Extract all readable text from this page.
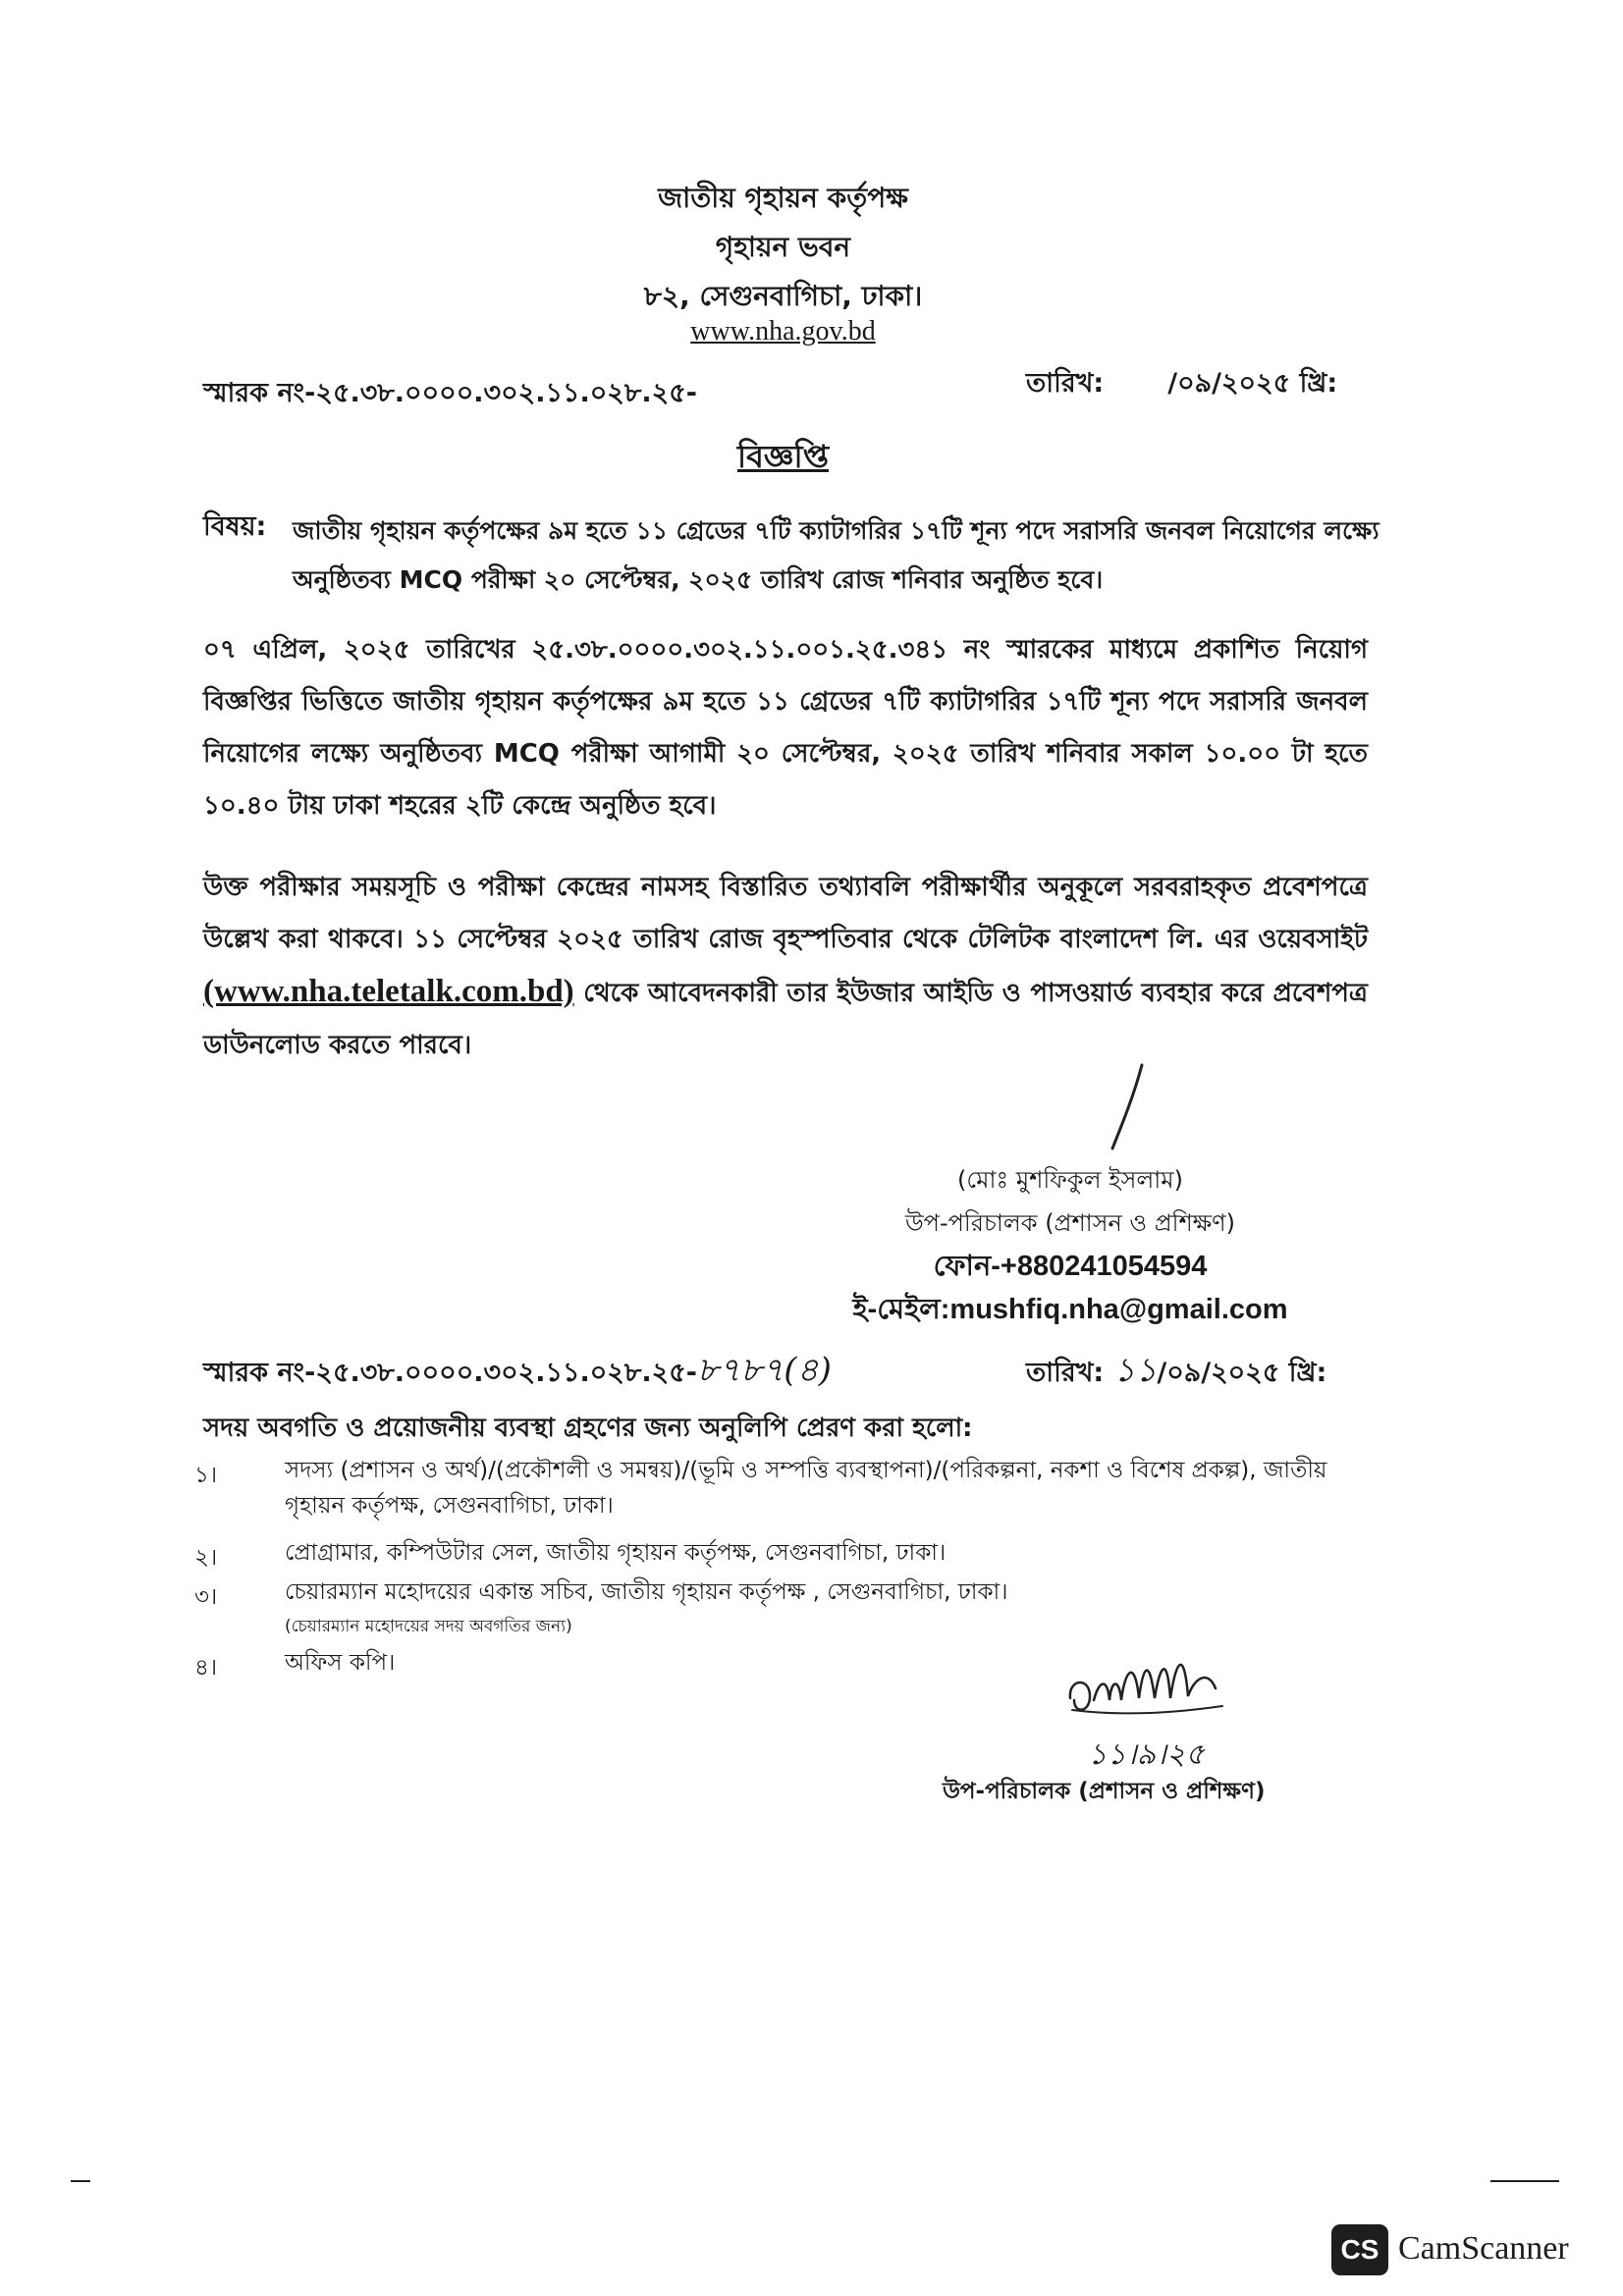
জাতীয় গৃহায়ন কর্তৃপক্ষ
গৃহায়ন ভবন
৮২, সেগুনবাগিচা, ঢাকা।
www.nha.gov.bd
স্মারক নং-২৫.৩৮.০০০০.৩০২.১১.০২৮.২৫-	তারিখ: /০৯/২০২৫ খ্রি:
বিজ্ঞপ্তি
বিষয়: জাতীয় গৃহায়ন কর্তৃপক্ষের ৯ম হতে ১১ গ্রেডের ৭টি ক্যাটাগরির ১৭টি শূন্য পদে সরাসরি জনবল নিয়োগের লক্ষ্যে
অনুষ্ঠিতব্য MCQ পরীক্ষা ২০ সেপ্টেম্বর, ২০২৫ তারিখ রোজ শনিবার অনুষ্ঠিত হবে।
০৭ এপ্রিল, ২০২৫ তারিখের ২৫.৩৮.০০০০.৩০২.১১.০০১.২৫.৩৪১ নং স্মারকের মাধ্যমে প্রকাশিত নিয়োগ বিজ্ঞপ্তির ভিত্তিতে জাতীয় গৃহায়ন কর্তৃপক্ষের ৯ম হতে ১১ গ্রেডের ৭টি ক্যাটাগরির ১৭টি শূন্য পদে সরাসরি জনবল নিয়োগের লক্ষ্যে অনুষ্ঠিতব্য MCQ পরীক্ষা আগামী ২০ সেপ্টেম্বর, ২০২৫ তারিখ শনিবার সকাল ১০.০০ টা হতে ১০.৪০ টায় ঢাকা শহরের ২টি কেন্দ্রে অনুষ্ঠিত হবে।
উক্ত পরীক্ষার সময়সূচি ও পরীক্ষা কেন্দ্রের নামসহ বিস্তারিত তথ্যাবলি পরীক্ষার্থীর অনুকূলে সরবরাহকৃত প্রবেশপত্রে উল্লেখ করা থাকবে। ১১ সেপ্টেম্বর ২০২৫ তারিখ রোজ বৃহস্পতিবার থেকে টেলিটক বাংলাদেশ লি. এর ওয়েবসাইট (www.nha.teletalk.com.bd) থেকে আবেদনকারী তার ইউজার আইডি ও পাসওয়ার্ড ব্যবহার করে প্রবেশপত্র ডাউনলোড করতে পারবে।
(মোঃ মুশফিকুল ইসলাম)
উপ-পরিচালক (প্রশাসন ও প্রশিক্ষণ)
ফোন-+880241054594
ই-মেইল:mushfiq.nha@gmail.com
স্মারক নং-২৫.৩৮.০০০০.৩০২.১১.০২৮.২৫-৮৭৮৭(৪)	তারিখ: ১১/০৯/২০২৫ খ্রি:
সদয় অবগতি ও প্রয়োজনীয় ব্যবস্থা গ্রহণের জন্য অনুলিপি প্রেরণ করা হলো:
১।	সদস্য (প্রশাসন ও অর্থ)/(প্রকৌশলী ও সমন্বয়)/(ভূমি ও সম্পত্তি ব্যবস্থাপনা)/(পরিকল্পনা, নকশা ও বিশেষ প্রকল্প), জাতীয় গৃহায়ন কর্তৃপক্ষ, সেগুনবাগিচা, ঢাকা।
২।	প্রোগ্রামার, কম্পিউটার সেল, জাতীয় গৃহায়ন কর্তৃপক্ষ, সেগুনবাগিচা, ঢাকা।
৩।	চেয়ারম্যান মহোদয়ের একান্ত সচিব, জাতীয় গৃহায়ন কর্তৃপক্ষ , সেগুনবাগিচা, ঢাকা।
(চেয়ারম্যান মহোদয়ের সদয় অবগতির জন্য)
৪।	অফিস কপি।
১১।৯।২৫
উপ-পরিচালক (প্রশাসন ও প্রশিক্ষণ)
CS CamScanner
